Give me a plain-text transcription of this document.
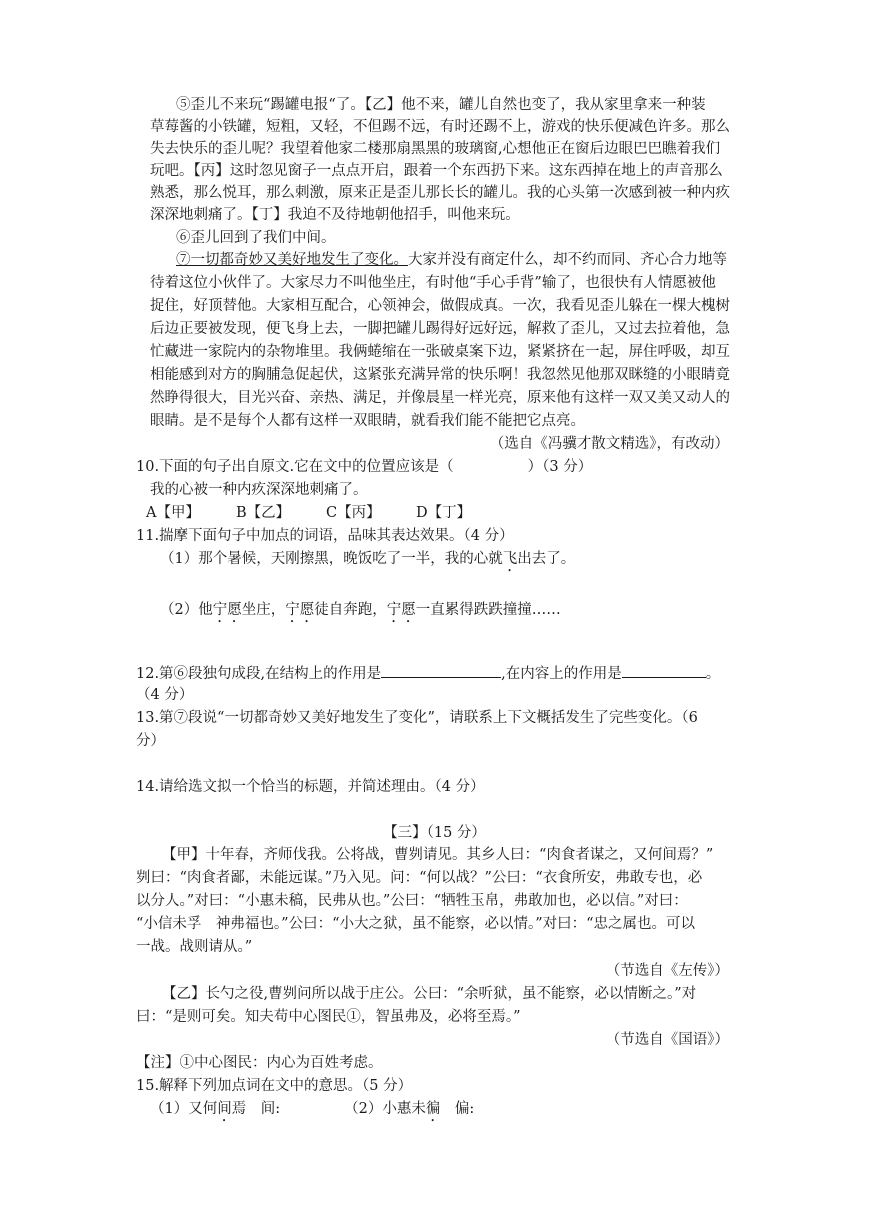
⑤歪儿不来玩“踢罐电报“了。【乙】他不来，罐儿自然也变了，我从家里拿来一种装
草莓酱的小铁罐，短粗，又轻，不但踢不远，有时还踢不上，游戏的快乐便减色许多。那么
失去快乐的歪儿呢？我望着他家二楼那扇黑黑的玻璃窗,心想他正在窗后边眼巴巴瞧着我们
玩吧。【丙】这时忽见窗子一点点开启，跟着一个东西扔下来。这东西掉在地上的声音那么
熟悉，那么悦耳，那么刺激，原来正是歪儿那长长的罐儿。我的心头第一次感到被一种内疚
深深地刺痛了。【丁】我迫不及待地朝他招手，叫他来玩。
⑥歪儿回到了我们中间。
⑦一切都奇妙又美好地发生了变化。大家并没有商定什么，却不约而同、齐心合力地等
待着这位小伙伴了。大家尽力不叫他坐庄，有时他“手心手背”输了，也很快有人情愿被他
捉住，好顶替他。大家相互配合，心领神会，做假成真。一次，我看见歪儿躲在一棵大槐树
后边正要被发现，便飞身上去，一脚把罐儿踢得好远好远，解救了歪儿，又过去拉着他，急
忙藏进一家院内的杂物堆里。我俩蜷缩在一张破桌案下边，紧紧挤在一起，屏住呼吸，却互
相能感到对方的胸脯急促起伏，这紧张充满异常的快乐啊！我忽然见他那双眯缝的小眼睛竟
然睁得很大，目光兴奋、亲热、满足，并像晨星一样光亮，原来他有这样一双又美又动人的
眼睛。是不是每个人都有这样一双眼睛，就看我们能不能把它点亮。
（选自《冯骥才散文精选》，有改动）
10.下面的句子出自原文.它在文中的位置应该是（	）（3 分）
我的心被一种内疚深深地刺痛了。
A【甲】 B【乙】 C【丙】 D【丁】
11.揣摩下面句子中加点的词语，品味其表达效果。（4 分）
（1）那个暑候，天刚擦黑，晚饭吃了一半，我的心就飞出去了。
（2）他宁愿坐庄，宁愿徒自奔跑，宁愿一直累得跌跌撞撞……
12.第⑥段独句成段,在结构上的作用是	,在内容上的作用是	。
（4 分）
13.第⑦段说“一切都奇妙又美好地发生了变化”，请联系上下文概括发生了完些变化。（6
分）
14.请给选文拟一个恰当的标题，并简述理由。（4 分）
【三】（15 分）
【甲】十年春，齐师伐我。公将战，曹刿请见。其乡人曰：“肉食者谋之，又何间焉？”
刿曰：“肉食者鄙，未能远谋。”乃入见。问：“何以战？”公曰：“衣食所安，弗敢专也，必
以分人。”对曰：“小惠未稿，民弗从也。”公曰：“牺牲玉帛，弗敢加也，必以信。”对曰：
“小信未孚　神弗福也。”公曰：“小大之狱，虽不能察，必以情。”对曰：“忠之属也。可以
一战。战则请从。”
（节选自《左传》）
【乙】长勺之役,曹刿问所以战于庄公。公曰：“余听狱，虽不能察，必以情断之。”对
曰：“是则可矣。知夫苟中心图民①，智虽弗及，必将至焉。”
（节选自《国语》）
【注】①中心图民：内心为百姓考虑。
15.解释下列加点词在文中的意思。（5 分）
（1）又何间焉　间:	（2）小惠未徧　偏:
